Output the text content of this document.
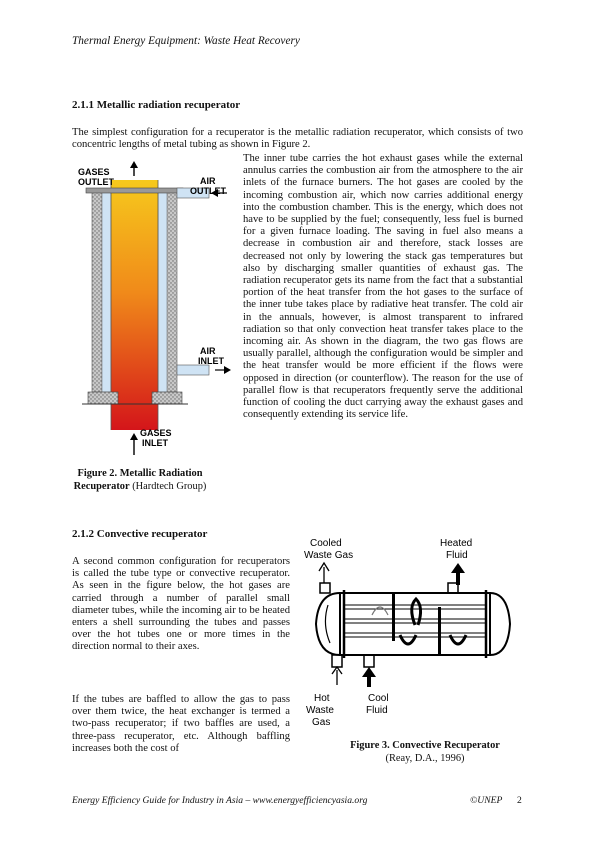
Thermal Energy Equipment: Waste Heat Recovery
2.1.1 Metallic radiation recuperator
The simplest configuration for a recuperator is the metallic radiation recuperator, which consists of two concentric lengths of metal tubing as shown in Figure 2.
The inner tube carries the hot exhaust gases while the external annulus carries the combustion air from the atmosphere to the air inlets of the furnace burners. The hot gases are cooled by the incoming combustion air, which now carries additional energy into the combustion chamber. This is the energy, which does not have to be supplied by the fuel; consequently, less fuel is burned for a given furnace loading. The saving in fuel also means a decrease in combustion air and therefore, stack losses are decreased not only by lowering the stack gas temperatures but also by discharging smaller quantities of exhaust gas. The radiation recuperator gets its name from the fact that a substantial portion of the heat transfer from the hot gases to the surface of the inner tube takes place by radiative heat transfer. The cold air in the annuals, however, is almost transparent to infrared radiation so that only convection heat transfer takes place to the incoming air. As shown in the diagram, the two gas flows are usually parallel, although the configuration would be simpler and the heat transfer would be more efficient if the flows were opposed in direction (or counterflow). The reason for the use of parallel flow is that recuperators frequently serve the additional function of cooling the duct carrying away the exhaust gases and consequently extending its service life.
GASES
OUTLET	AIR
OUTLET
AIR
INLET
GASES
INLET
Figure 2. Metallic Radiation
Recuperator (Hardtech Group)
2.1.2 Convective recuperator
A second common configuration for recuperators is called the tube type or convective recuperator. As seen in the figure below, the hot gases are carried through a number of parallel small diameter tubes, while the incoming air to be heated enters a shell surrounding the tubes and passes over the hot tubes one or more times in the direction normal to their axes.
If the tubes are baffled to allow the gas to pass over them twice, the heat exchanger is termed a two-pass recuperator; if two baffles are used, a three-pass recuperator, etc. Although baffling increases both the cost of
Cooled
Waste Gas
Heated
Fluid
Hot
Waste
Gas
Cool
Fluid
Figure 3. Convective Recuperator
(Reay, D.A., 1996)
Energy Efficiency Guide for Industry in Asia – www.energyefficiencyasia.org	©UNEP 2
